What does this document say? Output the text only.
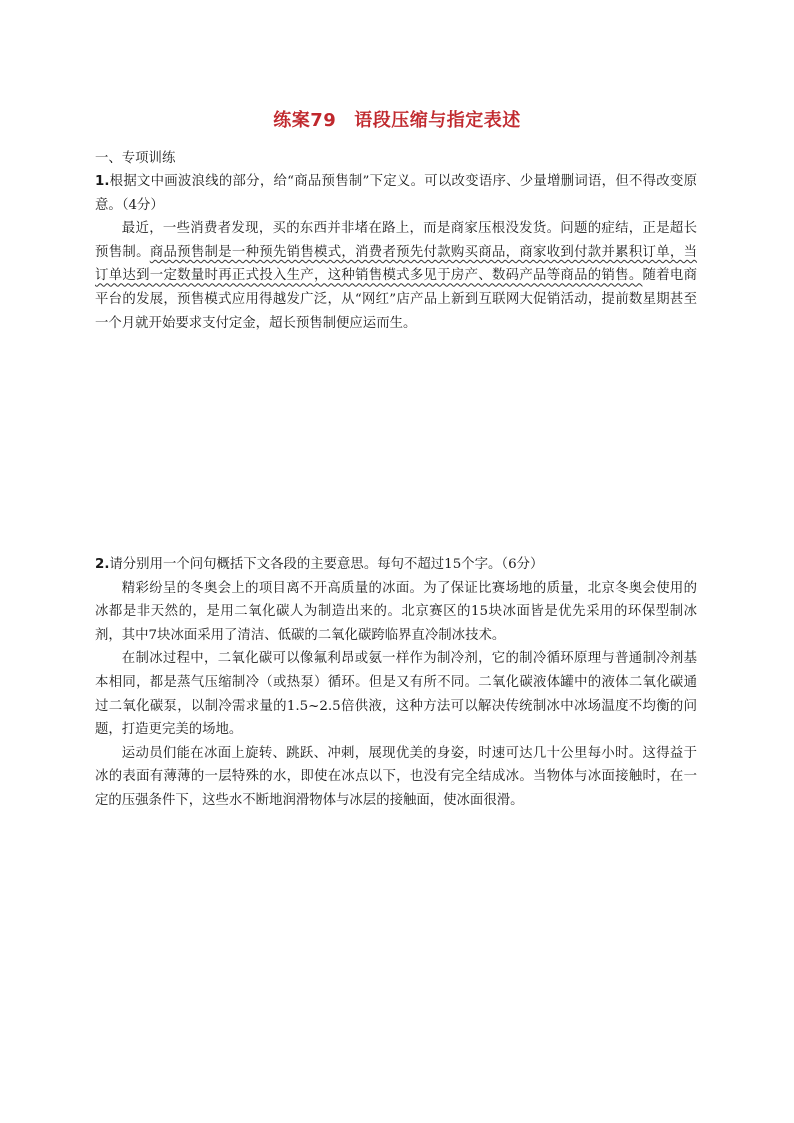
练案79 语段压缩与指定表述
一、专项训练

1.根据文中画波浪线的部分，给“商品预售制”下定义。可以改变语序、少量增删词语，但不得改变原意。（4分）

最近，一些消费者发现，买的东西并非堵在路上，而是商家压根没发货。问题的症结，正是超长预售制。商品预售制是一种预先销售模式，消费者预先付款购买商品，商家收到付款并累积订单，当订单达到一定数量时再正式投入生产，这种销售模式多见于房产、数码产品等商品的销售。随着电商平台的发展，预售模式应用得越发广泛，从“网红”店产品上新到互联网大促销活动，提前数星期甚至一个月就开始要求支付定金，超长预售制便应运而生。

2.请分别用一个问句概括下文各段的主要意思。每句不超过15个字。（6分）

精彩纷呈的冬奥会上的项目离不开高质量的冰面。为了保证比赛场地的质量，北京冬奥会使用的冰都是非天然的，是用二氧化碳人为制造出来的。北京赛区的15块冰面皆是优先采用的环保型制冰剂，其中7块冰面采用了清洁、低碳的二氧化碳跨临界直冷制冰技术。

在制冰过程中，二氧化碳可以像氟利昂或氨一样作为制冷剂，它的制冷循环原理与普通制冷剂基本相同，都是蒸气压缩制冷（或热泵）循环。但是又有所不同。二氧化碳液体罐中的液体二氧化碳通过二氧化碳泵，以制冷需求量的1.5~2.5倍供液，这种方法可以解决传统制冰中冰场温度不均衡的问题，打造更完美的场地。

运动员们能在冰面上旋转、跳跃、冲刺，展现优美的身姿，时速可达几十公里每小时。这得益于冰的表面有薄薄的一层特殊的水，即使在冰点以下，也没有完全结成冰。当物体与冰面接触时，在一定的压强条件下，这些水不断地润滑物体与冰层的接触面，使冰面很滑。
